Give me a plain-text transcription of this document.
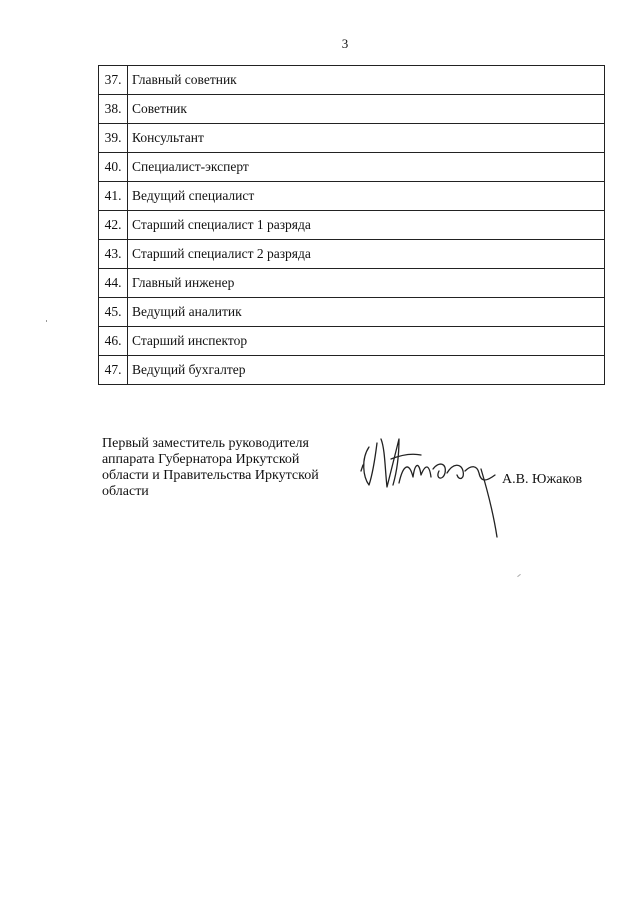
3
37.	Главный советник
38.	Советник
39.	Консультант
40.	Специалист-эксперт
41.	Ведущий специалист
42.	Старший специалист 1 разряда
43.	Старший специалист 2 разряда
44.	Главный инженер
45.	Ведущий аналитик
46.	Старший инспектор
47.	Ведущий бухгалтер
Первый заместитель руководителя
аппарата Губернатора Иркутской
области и Правительства Иркутской
области
А.В. Южаков
